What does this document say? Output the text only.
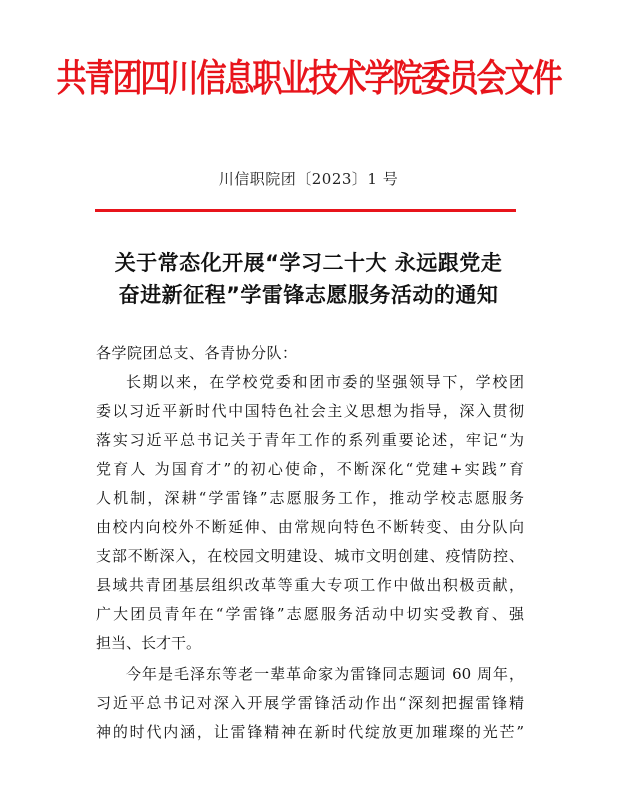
共青团四川信息职业技术学院委员会文件
川信职院团〔2023〕1 号
关于常态化开展“学习二十大 永远跟党走
奋进新征程”学雷锋志愿服务活动的通知
各学院团总支、各青协分队：
长期以来，在学校党委和团市委的坚强领导下，学校团
委以习近平新时代中国特色社会主义思想为指导，深入贯彻
落实习近平总书记关于青年工作的系列重要论述，牢记“为
党育人 为国育才”的初心使命，不断深化“党建+实践”育
人机制，深耕“学雷锋”志愿服务工作，推动学校志愿服务
由校内向校外不断延伸、由常规向特色不断转变、由分队向
支部不断深入，在校园文明建设、城市文明创建、疫情防控、
县域共青团基层组织改革等重大专项工作中做出积极贡献，
广大团员青年在“学雷锋”志愿服务活动中切实受教育、强
担当、长才干。
今年是毛泽东等老一辈革命家为雷锋同志题词 60 周年，
习近平总书记对深入开展学雷锋活动作出“深刻把握雷锋精
神的时代内涵，让雷锋精神在新时代绽放更加璀璨的光芒”
